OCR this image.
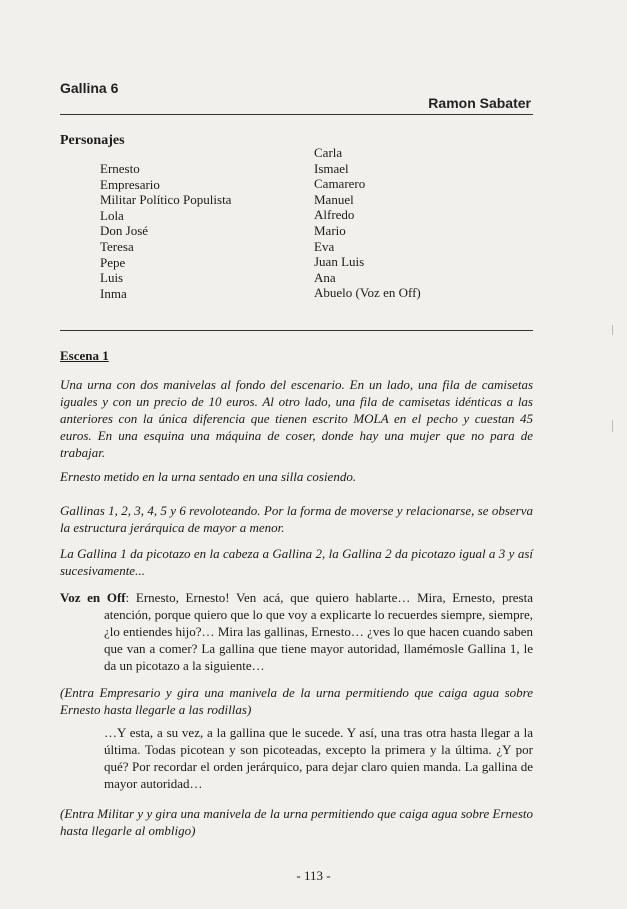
Gallina 6
Ramon Sabater
Personajes
Ernesto
Empresario
Militar Político Populista
Lola
Don José
Teresa
Pepe
Luis
Inma
Carla
Ismael
Camarero
Manuel
Alfredo
Mario
Eva
Juan Luis
Ana
Abuelo (Voz en Off)
Escena 1
Una urna con dos manivelas al fondo del escenario. En un lado, una fila de camisetas iguales y con un precio de 10 euros. Al otro lado, una fila de camisetas idénticas a las anteriores con la única diferencia que tienen escrito MOLA en el pecho y cuestan 45 euros. En una esquina una máquina de coser, donde hay una mujer que no para de trabajar.
Ernesto metido en la urna sentado en una silla cosiendo.
Gallinas 1, 2, 3, 4, 5 y 6 revoloteando. Por la forma de moverse y relacionarse, se observa la estructura jerárquica de mayor a menor.
La Gallina 1 da picotazo en la cabeza a Gallina 2, la Gallina 2 da picotazo igual a 3 y así sucesivamente...
Voz en Off: Ernesto, Ernesto! Ven acá, que quiero hablarte… Mira, Ernesto, presta atención, porque quiero que lo que voy a explicarte lo recuerdes siempre, siempre, ¿lo entiendes hijo?… Mira las gallinas, Ernesto… ¿ves lo que hacen cuando saben que van a comer? La gallina que tiene mayor autoridad, llamémosle Gallina 1, le da un picotazo a la siguiente…
(Entra Empresario y gira una manivela de la urna permitiendo que caiga agua sobre Ernesto hasta llegarle a las rodillas)
…Y esta, a su vez, a la gallina que le sucede. Y así, una tras otra hasta llegar a la última. Todas picotean y son picoteadas, excepto la primera y la última. ¿Y por qué? Por recordar el orden jerárquico, para dejar claro quien manda. La gallina de mayor autoridad…
(Entra Militar y y gira una manivela de la urna permitiendo que caiga agua sobre Ernesto hasta llegarle al ombligo)
- 113 -
